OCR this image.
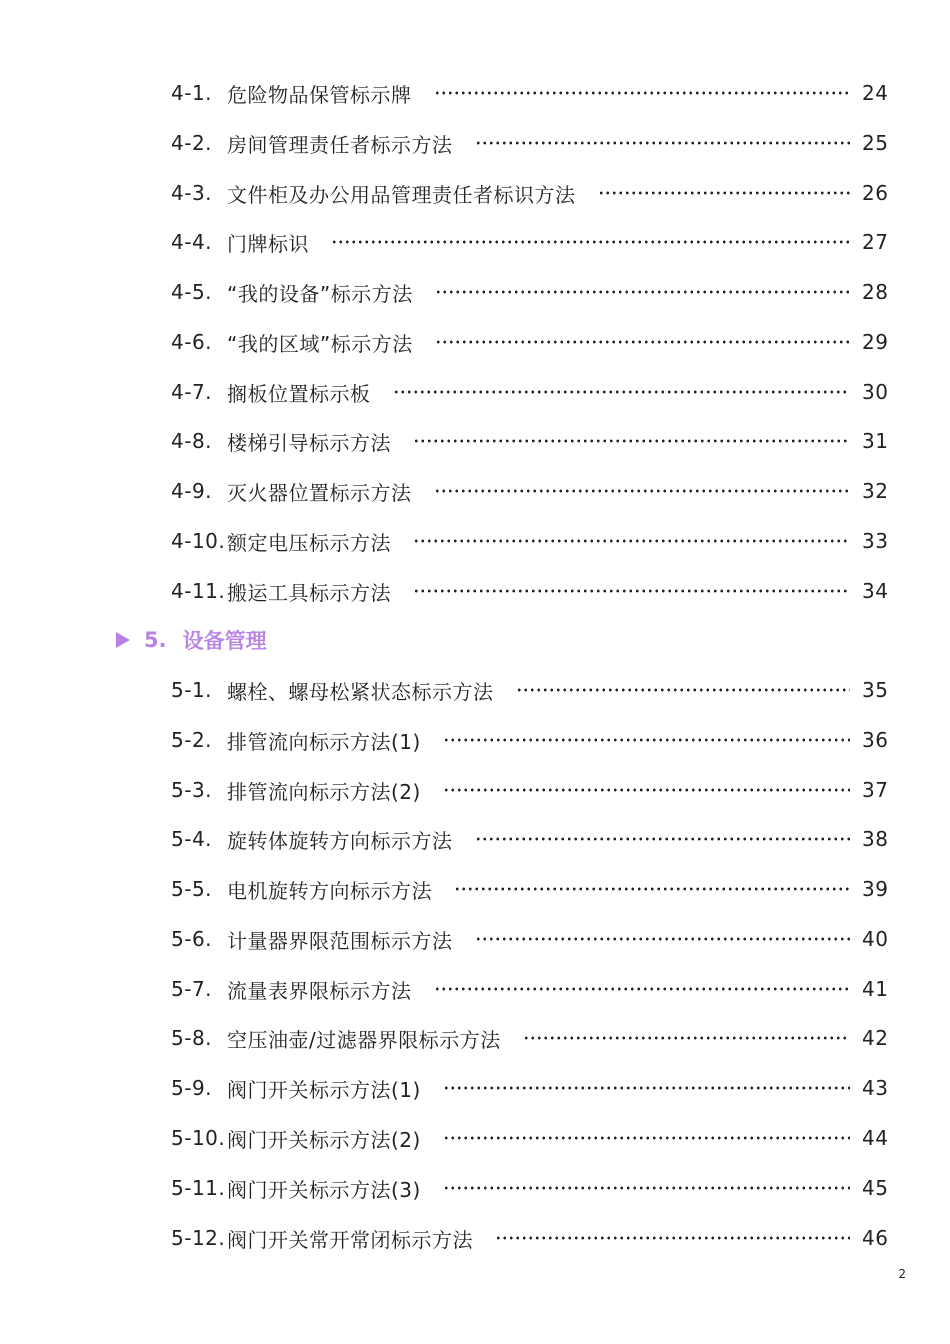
4-1. 危险物品保管标示牌	24
4-2. 房间管理责任者标示方法	25
4-3. 文件柜及办公用品管理责任者标识方法	26
4-4. 门牌标识	27
4-5. “我的设备”标示方法	28
4-6. “我的区域”标示方法	29
4-7. 搁板位置标示板	30
4-8. 楼梯引导标示方法	31
4-9. 灭火器位置标示方法	32
4-10. 额定电压标示方法	33
4-11. 搬运工具标示方法	34
5. 设备管理
5-1. 螺栓、螺母松紧状态标示方法	35
5-2. 排管流向标示方法(1)	36
5-3. 排管流向标示方法(2)	37
5-4. 旋转体旋转方向标示方法	38
5-5. 电机旋转方向标示方法	39
5-6. 计量器界限范围标示方法	40
5-7. 流量表界限标示方法	41
5-8. 空压油壶/过滤器界限标示方法	42
5-9. 阀门开关标示方法(1)	43
5-10. 阀门开关标示方法(2)	44
5-11. 阀门开关标示方法(3)	45
5-12. 阀门开关常开常闭标示方法	46
2
